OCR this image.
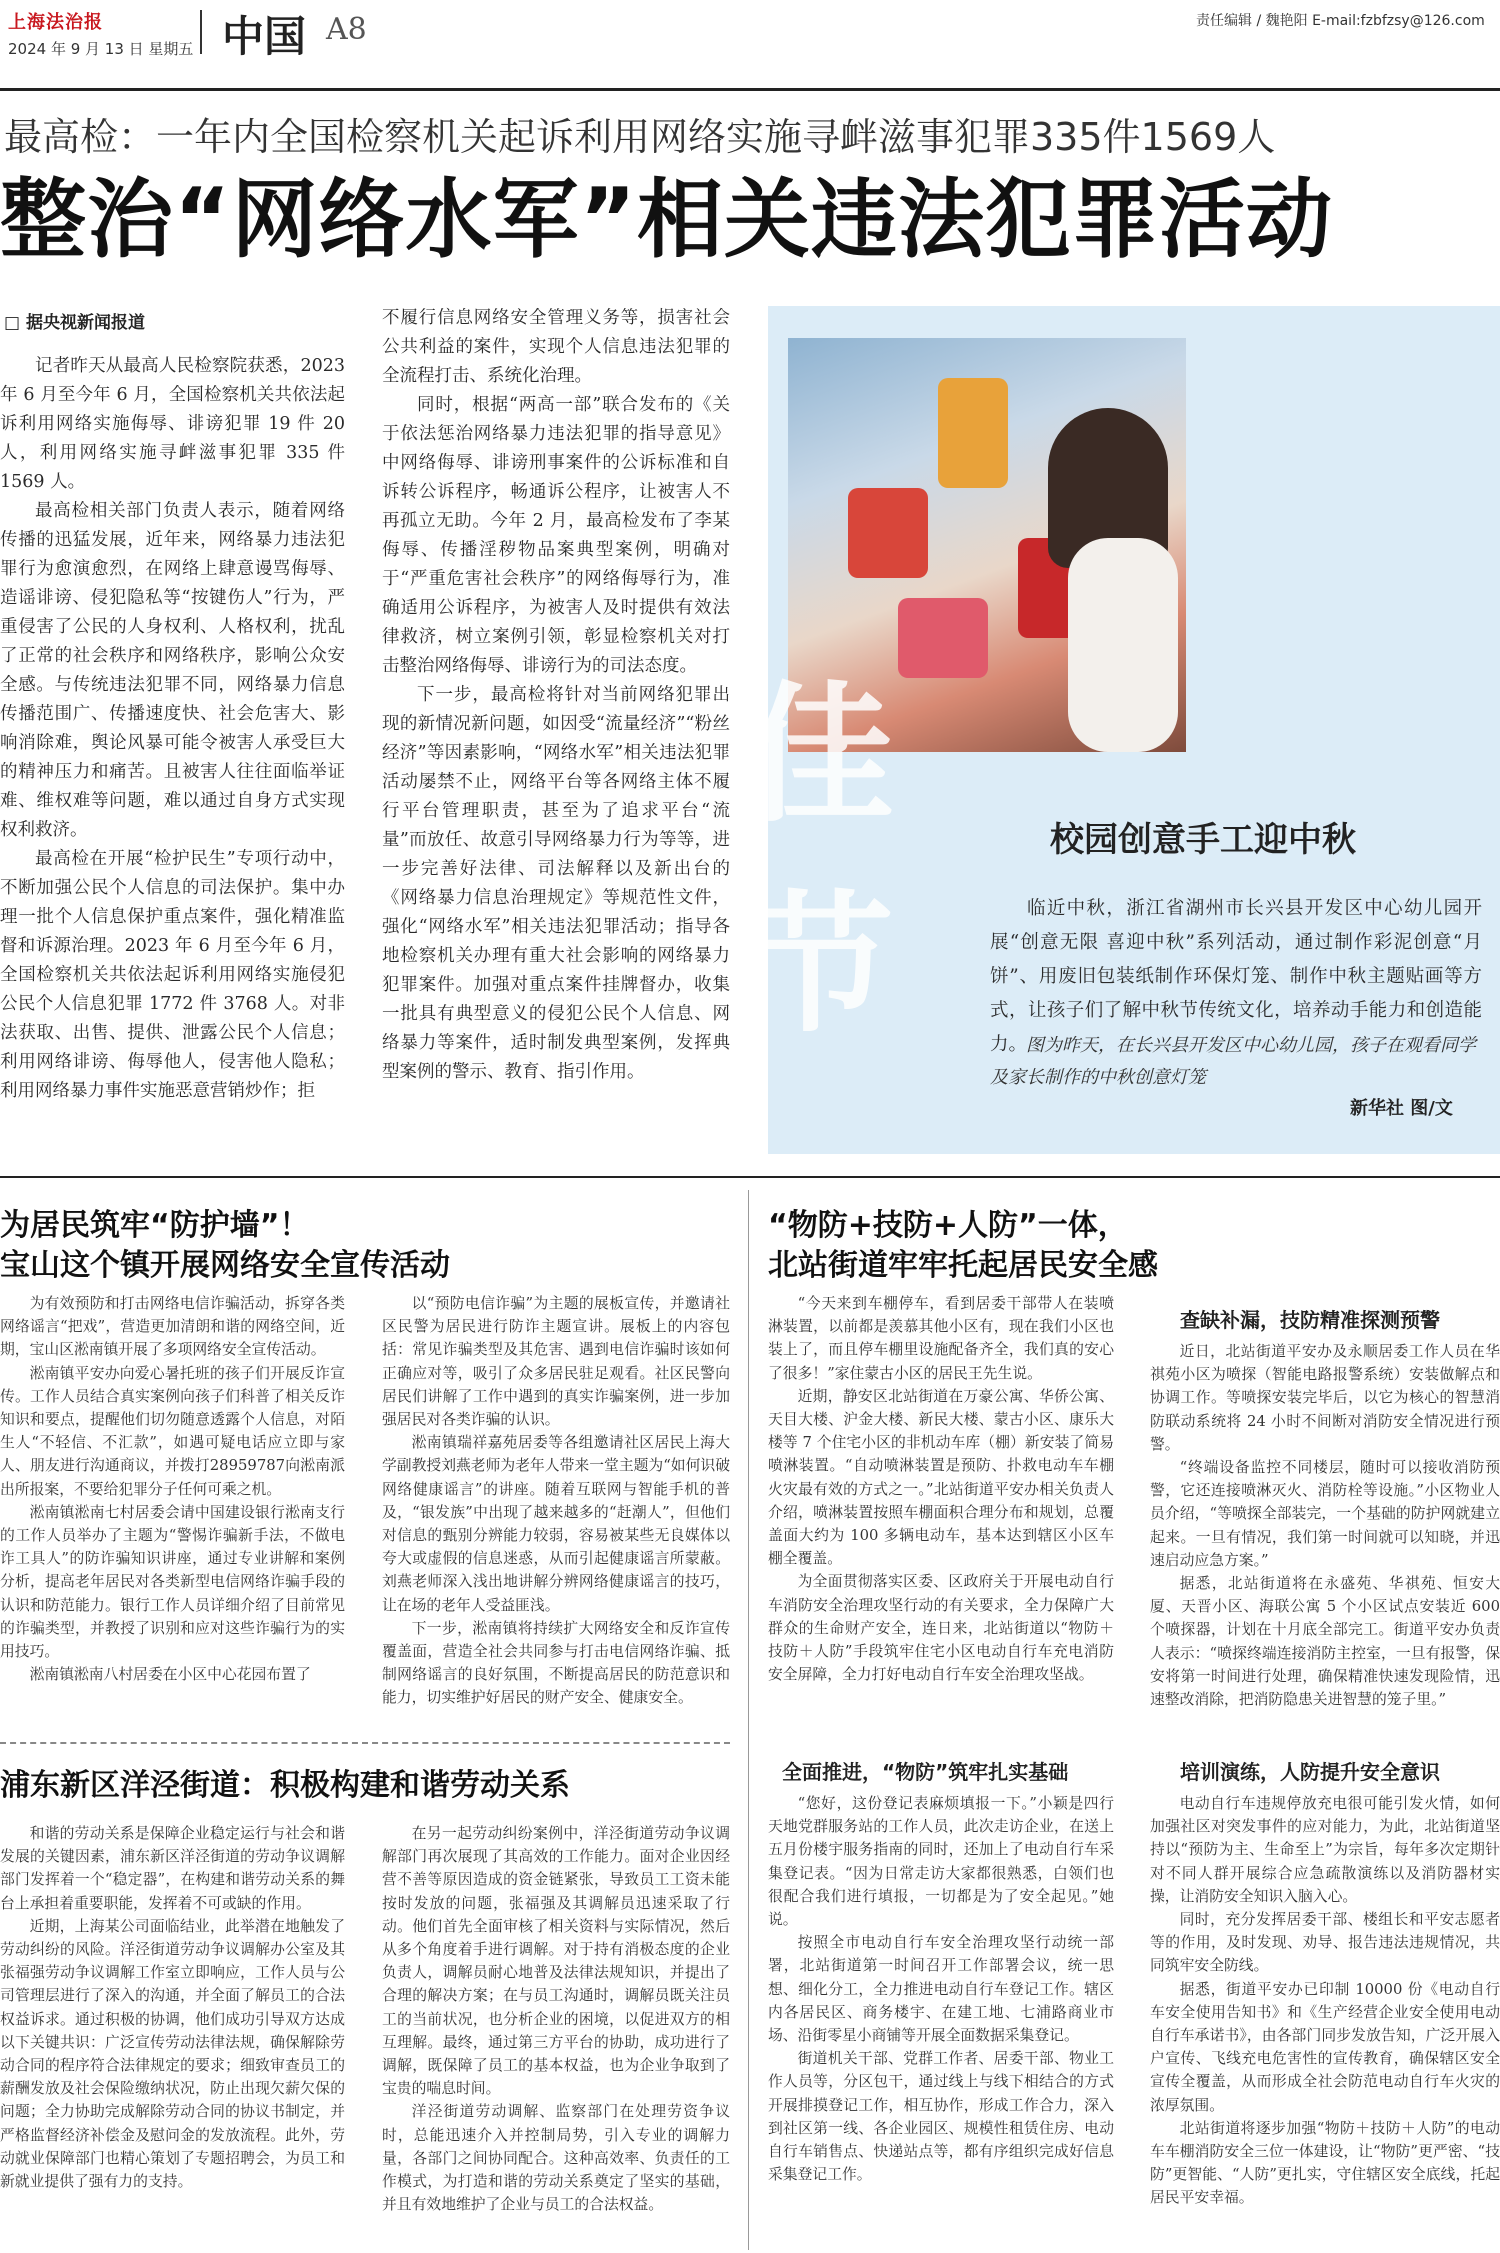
上海法治报
2024 年 9 月 13 日 星期五 中国 A8	责任编辑 / 魏艳阳 E-mail:fzbfzsy@126.com
最高检：一年内全国检察机关起诉利用网络实施寻衅滋事犯罪335件1569人
整治“网络水军”相关违法犯罪活动
□ 据央视新闻报道

记者昨天从最高人民检察院获悉，2023 年 6 月至今年 6 月，全国检察机关共依法起诉利用网络实施侮辱、诽谤犯罪 19 件 20 人，利用网络实施寻衅滋事犯罪 335 件 1569 人。

最高检相关部门负责人表示，随着网络传播的迅猛发展，近年来，网络暴力违法犯罪行为愈演愈烈，在网络上肆意谩骂侮辱、造谣诽谤、侵犯隐私等“按键伤人”行为，严重侵害了公民的人身权利、人格权利，扰乱了正常的社会秩序和网络秩序，影响公众安全感。与传统违法犯罪不同，网络暴力信息传播范围广、传播速度快、社会危害大、影响消除难，舆论风暴可能令被害人承受巨大的精神压力和痛苦。且被害人往往面临举证难、维权难等问题，难以通过自身方式实现权利救济。

最高检在开展“检护民生”专项行动中，不断加强公民个人信息的司法保护。集中办理一批个人信息保护重点案件，强化精准监督和诉源治理。2023 年 6 月至今年 6 月，全国检察机关共依法起诉利用网络实施侵犯公民个人信息犯罪 1772 件 3768 人。对非法获取、出售、提供、泄露公民个人信息；利用网络诽谤、侮辱他人，侵害他人隐私；利用网络暴力事件实施恶意营销炒作；拒

不履行信息网络安全管理义务等，损害社会公共利益的案件，实现个人信息违法犯罪的全流程打击、系统化治理。

同时，根据“两高一部”联合发布的《关于依法惩治网络暴力违法犯罪的指导意见》中网络侮辱、诽谤刑事案件的公诉标准和自诉转公诉程序，畅通诉公程序，让被害人不再孤立无助。今年 2 月，最高检发布了李某侮辱、传播淫秽物品案典型案例，明确对于“严重危害社会秩序”的网络侮辱行为，准确适用公诉程序，为被害人及时提供有效法律救济，树立案例引领，彰显检察机关对打击整治网络侮辱、诽谤行为的司法态度。

下一步，最高检将针对当前网络犯罪出现的新情况新问题，如因受“流量经济”“粉丝经济”等因素影响，“网络水军”相关违法犯罪活动屡禁不止，网络平台等各网络主体不履行平台管理职责，甚至为了追求平台“流量”而放任、故意引导网络暴力行为等等，进一步完善好法律、司法解释以及新出台的《网络暴力信息治理规定》等规范性文件，强化“网络水军”相关违法犯罪活动；指导各地检察机关办理有重大社会影响的网络暴力犯罪案件。加强对重点案件挂牌督办，收集一批具有典型意义的侵犯公民个人信息、网络暴力等案件，适时制发典型案例，发挥典型案例的警示、教育、指引作用。

佳节
校园创意手工迎中秋
临近中秋，浙江省湖州市长兴县开发区中心幼儿园开展“创意无限 喜迎中秋”系列活动，通过制作彩泥创意“月饼”、用废旧包装纸制作环保灯笼、制作中秋主题贴画等方式，让孩子们了解中秋节传统文化，培养动手能力和创造能力。
图为昨天，在长兴县开发区中心幼儿园，孩子在观看同学及家长制作的中秋创意灯笼
新华社 图/文
为居民筑牢“防护墙”！
宝山这个镇开展网络安全宣传活动

为有效预防和打击网络电信诈骗活动，拆穿各类网络谣言“把戏”，营造更加清朗和谐的网络空间，近期，宝山区淞南镇开展了多项网络安全宣传活动。

淞南镇平安办向爱心暑托班的孩子们开展反诈宣传。工作人员结合真实案例向孩子们科普了相关反诈知识和要点，提醒他们切勿随意透露个人信息，对陌生人“不轻信、不汇款”，如遇可疑电话应立即与家人、朋友进行沟通商议，并拨打28959787向淞南派出所报案，不要给犯罪分子任何可乘之机。

淞南镇淞南七村居委会请中国建设银行淞南支行的工作人员举办了主题为“警惕诈骗新手法，不做电诈工具人”的防诈骗知识讲座，通过专业讲解和案例分析，提高老年居民对各类新型电信网络诈骗手段的认识和防范能力。银行工作人员详细介绍了目前常见的诈骗类型，并教授了识别和应对这些诈骗行为的实用技巧。

淞南镇淞南八村居委在小区中心花园布置了

以“预防电信诈骗”为主题的展板宣传，并邀请社区民警为居民进行防诈主题宣讲。展板上的内容包括：常见诈骗类型及其危害、遇到电信诈骗时该如何正确应对等，吸引了众多居民驻足观看。社区民警向居民们讲解了工作中遇到的真实诈骗案例，进一步加强居民对各类诈骗的认识。

淞南镇瑞祥嘉苑居委等各组邀请社区居民上海大学副教授刘燕老师为老年人带来一堂主题为“如何识破网络健康谣言”的讲座。随着互联网与智能手机的普及，“银发族”中出现了越来越多的“赶潮人”，但他们对信息的甄别分辨能力较弱，容易被某些无良媒体以夸大或虚假的信息迷惑，从而引起健康谣言所蒙蔽。刘燕老师深入浅出地讲解分辨网络健康谣言的技巧，让在场的老年人受益匪浅。

下一步，淞南镇将持续扩大网络安全和反诈宣传覆盖面，营造全社会共同参与打击电信网络诈骗、抵制网络谣言的良好氛围，不断提高居民的防范意识和能力，切实维护好居民的财产安全、健康安全。

浦东新区洋泾街道：积极构建和谐劳动关系

和谐的劳动关系是保障企业稳定运行与社会和谐发展的关键因素，浦东新区洋泾街道的劳动争议调解部门发挥着一个“稳定器”，在构建和谐劳动关系的舞台上承担着重要职能，发挥着不可或缺的作用。

近期，上海某公司面临结业，此举潜在地触发了劳动纠纷的风险。洋泾街道劳动争议调解办公室及其张福强劳动争议调解工作室立即响应，工作人员与公司管理层进行了深入的沟通，并全面了解员工的合法权益诉求。通过积极的协调，他们成功引导双方达成以下关键共识：广泛宣传劳动法律法规，确保解除劳动合同的程序符合法律规定的要求；细致审查员工的薪酬发放及社会保险缴纳状况，防止出现欠薪欠保的问题；全力协助完成解除劳动合同的协议书制定，并严格监督经济补偿金及慰问金的发放流程。此外，劳动就业保障部门也精心策划了专题招聘会，为员工和新就业提供了强有力的支持。

在另一起劳动纠纷案例中，洋泾街道劳动争议调解部门再次展现了其高效的工作能力。面对企业因经营不善等原因造成的资金链紧张，导致员工工资未能按时发放的问题，张福强及其调解员迅速采取了行动。他们首先全面审核了相关资料与实际情况，然后从多个角度着手进行调解。对于持有消极态度的企业负责人，调解员耐心地普及法律法规知识，并提出了合理的解决方案；在与员工沟通时，调解员既关注员工的当前状况，也分析企业的困境，以促进双方的相互理解。最终，通过第三方平台的协助，成功进行了调解，既保障了员工的基本权益，也为企业争取到了宝贵的喘息时间。

洋泾街道劳动调解、监察部门在处理劳资争议时，总能迅速介入并控制局势，引入专业的调解力量，各部门之间协同配合。这种高效率、负责任的工作模式，为打造和谐的劳动关系奠定了坚实的基础，并且有效地维护了企业与员工的合法权益。

“物防+技防+人防”一体，
北站街道牢牢托起居民安全感

“今天来到车棚停车，看到居委干部带人在装喷淋装置，以前都是羡慕其他小区有，现在我们小区也装上了，而且停车棚里设施配备齐全，我们真的安心了很多！”家住蒙古小区的居民王先生说。

近期，静安区北站街道在万豪公寓、华侨公寓、天目大楼、沪金大楼、新民大楼、蒙古小区、康乐大楼等 7 个住宅小区的非机动车库（棚）新安装了简易喷淋装置。“自动喷淋装置是预防、扑救电动车车棚火灾最有效的方式之一。”北站街道平安办相关负责人介绍，喷淋装置按照车棚面积合理分布和规划，总覆盖面大约为 100 多辆电动车，基本达到辖区小区车棚全覆盖。

为全面贯彻落实区委、区政府关于开展电动自行车消防安全治理攻坚行动的有关要求，全力保障广大群众的生命财产安全，连日来，北站街道以“物防＋技防＋人防”手段筑牢住宅小区电动自行车充电消防安全屏障，全力打好电动自行车安全治理攻坚战。

全面推进，“物防”筑牢扎实基础

“您好，这份登记表麻烦填报一下。”小颖是四行天地党群服务站的工作人员，此次走访企业，在送上五月份楼宇服务指南的同时，还加上了电动自行车采集登记表。“因为日常走访大家都很熟悉，白领们也很配合我们进行填报，一切都是为了安全起见。”她说。

按照全市电动自行车安全治理攻坚行动统一部署，北站街道第一时间召开工作部署会议，统一思想、细化分工，全力推进电动自行车登记工作。辖区内各居民区、商务楼宇、在建工地、七浦路商业市场、沿街零星小商铺等开展全面数据采集登记。

街道机关干部、党群工作者、居委干部、物业工作人员等，分区包干，通过线上与线下相结合的方式开展排摸登记工作，相互协作，形成工作合力，深入到社区第一线、各企业园区、规模性租赁住房、电动自行车销售点、快递站点等，都有序组织完成好信息采集登记工作。

查缺补漏，技防精准探测预警

近日，北站街道平安办及永顺居委工作人员在华祺苑小区为喷探（智能电路报警系统）安装做解点和协调工作。等喷探安装完毕后，以它为核心的智慧消防联动系统将 24 小时不间断对消防安全情况进行预警。

“终端设备监控不同楼层，随时可以接收消防预警，它还连接喷淋灭火、消防栓等设施。”小区物业人员介绍，“等喷探全部装完，一个基础的防护网就建立起来。一旦有情况，我们第一时间就可以知晓，并迅速启动应急方案。”

据悉，北站街道将在永盛苑、华祺苑、恒安大厦、天晋小区、海联公寓 5 个小区试点安装近 600 个喷探器，计划在十月底全部完工。街道平安办负责人表示：“喷探终端连接消防主控室，一旦有报警，保安将第一时间进行处理，确保精准快速发现险情，迅速整改消除，把消防隐患关进智慧的笼子里。”

培训演练，人防提升安全意识

电动自行车违规停放充电很可能引发火情，如何加强社区对突发事件的应对能力，为此，北站街道坚持以“预防为主、生命至上”为宗旨，每年多次定期针对不同人群开展综合应急疏散演练以及消防器材实操，让消防安全知识入脑入心。

同时，充分发挥居委干部、楼组长和平安志愿者等的作用，及时发现、劝导、报告违法违规情况，共同筑牢安全防线。

据悉，街道平安办已印制 10000 份《电动自行车安全使用告知书》和《生产经营企业安全使用电动自行车承诺书》，由各部门同步发放告知，广泛开展入户宣传、飞线充电危害性的宣传教育，确保辖区安全宣传全覆盖，从而形成全社会防范电动自行车火灾的浓厚氛围。

北站街道将逐步加强“物防＋技防＋人防”的电动车车棚消防安全三位一体建设，让“物防”更严密、“技防”更智能、“人防”更扎实，守住辖区安全底线，托起居民平安幸福。
